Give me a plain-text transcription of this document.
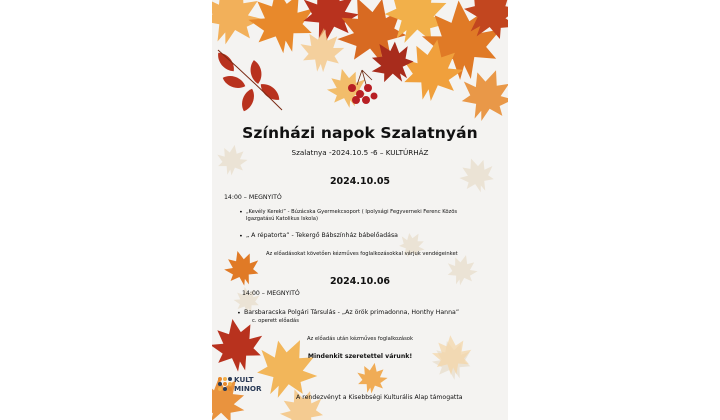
Színházi napok Szalatnyán
Szalatnya -2024.10.5 -6 – KULTÚRHÁZ
2024.10.05
14:00 – MEGNYITÓ
• „Kevély Kereki” - Búzácska Gyermekcsoport ( Ipolysági Fegyverneki Ferenc Közös
Igazgatású Katolikus Iskola)
• „ A répatorta” - Tekergő Bábszínház bábelőadása
Az előadásokat követően kézműves foglalkozásokkal várjuk vendégeinket
2024.10.06
14:00 – MEGNYITÓ
• Barsbaracska Polgári Társulás - „Az örök primadonna, Honthy Hanna”
c. operett előadás
Az előadás után kézműves foglalkozások
Mindenkit szeretettel várunk!
KULT
MINOR
A rendezvényt a Kisebbségi Kulturális Alap támogatta
